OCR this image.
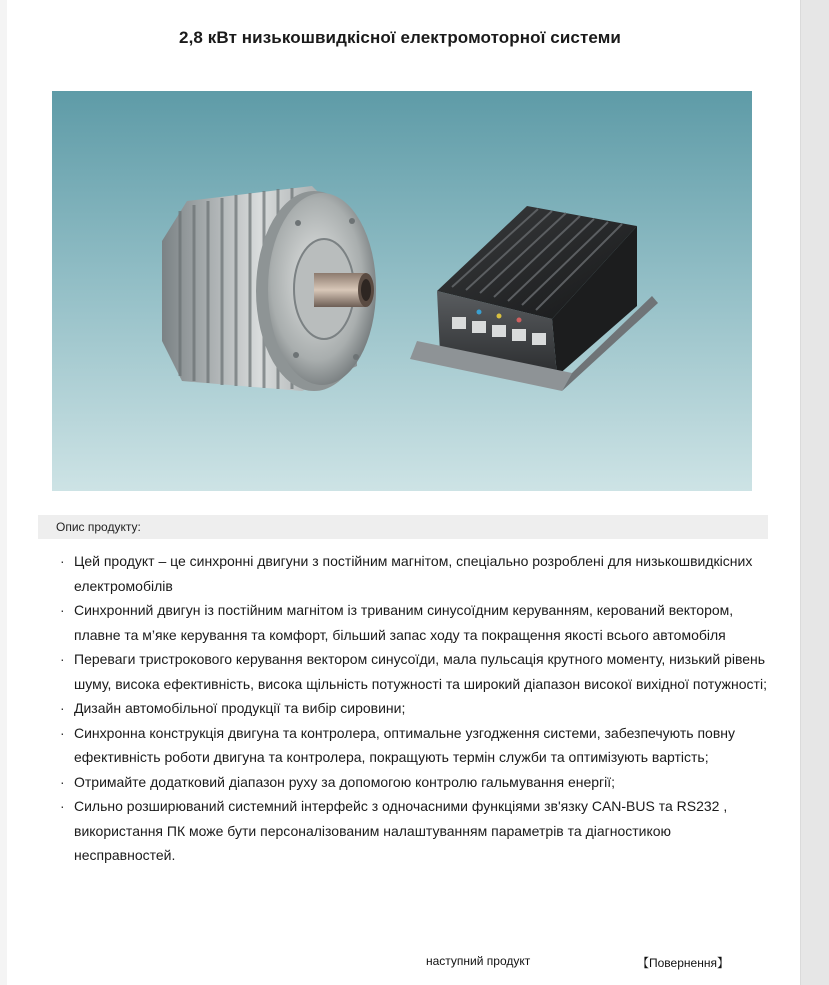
2,8 кВт низькошвидкісної електромоторної системи
Опис продукту:
· Цей продукт – це синхронні двигуни з постійним магнітом, спеціально розроблені для низькошвидкісних електромобілів
· Синхронний двигун із постійним магнітом із триваним синусоїдним керуванням, керований вектором, плавне та м’яке керування та комфорт, більший запас ходу та покращення якості всього автомобіля
· Переваги тристрокового керування вектором синусоїди, мала пульсація крутного моменту, низький рівень шуму, висока ефективність, висока щільність потужності та широкий діапазон високої вихідної потужності;
· Дизайн автомобільної продукції та вибір сировини;
· Синхронна конструкція двигуна та контролера, оптимальне узгодження системи, забезпечують повну ефективність роботи двигуна та контролера, покращують термін служби та оптимізують вартість;
· Отримайте додатковий діапазон руху за допомогою контролю гальмування енергії;
· Сильно розширюваний системний інтерфейс з одночасними функціями зв'язку CAN-BUS та RS232 , використання ПК може бути персоналізованим налаштуванням параметрів та діагностикою несправностей.
наступний продукт	【Повернення】
